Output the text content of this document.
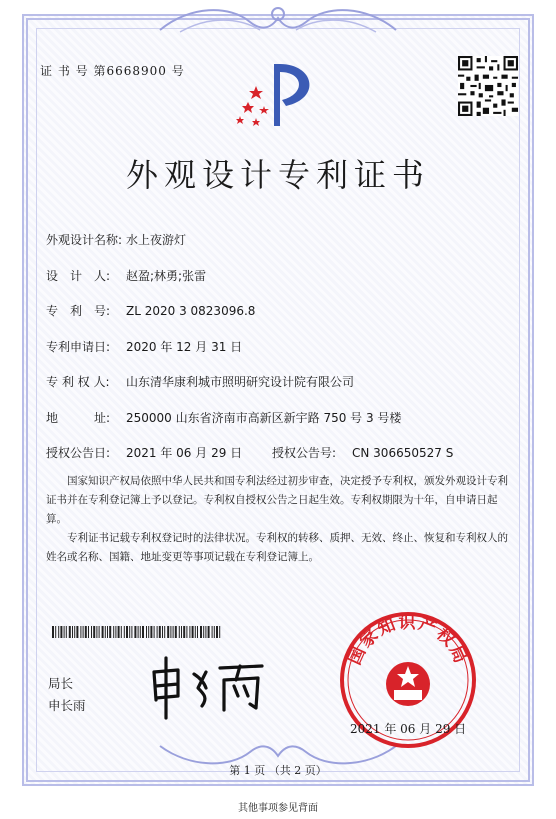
证 书 号 第6668900 号
外观设计专利证书
外观设计名称: 水上夜游灯
设　计　人: 赵盈;林勇;张雷
专　利　号: ZL 2020 3 0823096.8
专利申请日: 2020 年 12 月 31 日
专 利 权 人: 山东清华康利城市照明研究设计院有限公司
地　　　址: 250000 山东省济南市高新区新宇路 750 号 3 号楼
授权公告日: 2021 年 06 月 29 日 授权公告号: CN 306650527 S

国家知识产权局依照中华人民共和国专利法经过初步审查，决定授予专利权，颁发外观设计专利证书并在专利登记簿上予以登记。专利权自授权公告之日起生效。专利权期限为十年，自申请日起算。

专利证书记载专利权登记时的法律状况。专利权的转移、质押、无效、终止、恢复和专利权人的姓名或名称、国籍、地址变更等事项记载在专利登记簿上。

局长
申长雨
国家知识产权局
2021 年 06 月 29 日
第 1 页 （共 2 页）
其他事项参见背面
